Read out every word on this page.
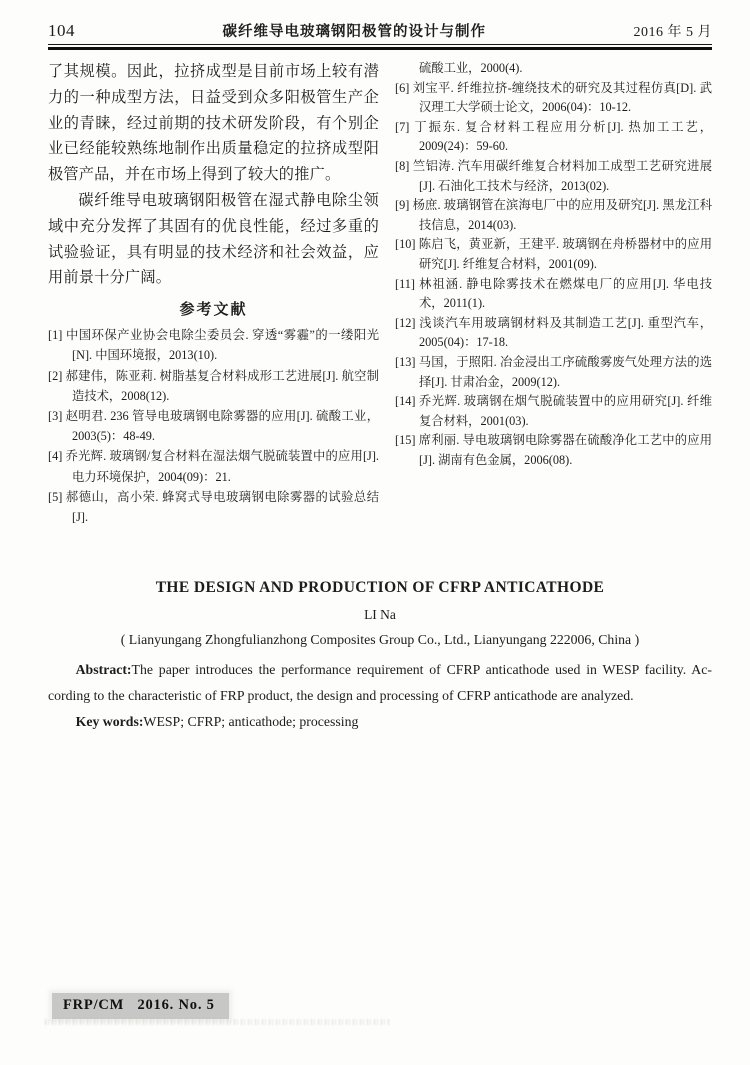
104	碳纤维导电玻璃钢阳极管的设计与制作	2016 年 5 月
了其规模。因此，拉挤成型是目前市场上较有潜力的一种成型方法，日益受到众多阳极管生产企业的青睐，经过前期的技术研发阶段，有个别企业已经能较熟练地制作出质量稳定的拉挤成型阳极管产品，并在市场上得到了较大的推广。
碳纤维导电玻璃钢阳极管在湿式静电除尘领域中充分发挥了其固有的优良性能，经过多重的试验验证，具有明显的技术经济和社会效益，应用前景十分广阔。
参考文献
[1] 中国环保产业协会电除尘委员会. 穿透“雾霾”的一缕阳光[N]. 中国环境报，2013(10).
[2] 郝建伟，陈亚莉. 树脂基复合材料成形工艺进展[J]. 航空制造技术，2008(12).
[3] 赵明君. 236 管导电玻璃钢电除雾器的应用[J]. 硫酸工业，2003(5)：48-49.
[4] 乔光辉. 玻璃钢/复合材料在湿法烟气脱硫装置中的应用[J]. 电力环境保护，2004(09)：21.
[5] 郝德山，高小荣. 蜂窝式导电玻璃钢电除雾器的试验总结[J].
硫酸工业，2000(4).
[6] 刘宝平. 纤维拉挤-缠绕技术的研究及其过程仿真[D]. 武汉理工大学硕士论文，2006(04)：10-12.
[7] 丁振东. 复合材料工程应用分析[J]. 热加工工艺，2009(24)：59-60.
[8] 竺铝涛. 汽车用碳纤维复合材料加工成型工艺研究进展[J]. 石油化工技术与经济，2013(02).
[9] 杨庶. 玻璃钢管在滨海电厂中的应用及研究[J]. 黑龙江科技信息，2014(03).
[10] 陈启飞，黄亚新，王建平. 玻璃钢在舟桥器材中的应用研究[J]. 纤维复合材料，2001(09).
[11] 林祖涵. 静电除雾技术在燃煤电厂的应用[J]. 华电技术，2011(1).
[12] 浅谈汽车用玻璃钢材料及其制造工艺[J]. 重型汽车，2005(04)：17-18.
[13] 马国，于照阳. 冶金浸出工序硫酸雾废气处理方法的选择[J]. 甘肃冶金，2009(12).
[14] 乔光辉. 玻璃钢在烟气脱硫装置中的应用研究[J]. 纤维复合材料，2001(03).
[15] 席利丽. 导电玻璃钢电除雾器在硫酸净化工艺中的应用[J]. 湖南有色金属，2006(08).
THE DESIGN AND PRODUCTION OF CFRP ANTICATHODE
LI Na
( Lianyungang Zhongfulianzhong Composites Group Co., Ltd., Lianyungang 222006, China )
Abstract:The paper introduces the performance requirement of CFRP anticathode used in WESP facility. Ac-
cording to the characteristic of FRP product, the design and processing of CFRP anticathode are analyzed.
Key words:WESP; CFRP; anticathode; processing
FRP/CM   2016. No. 5
